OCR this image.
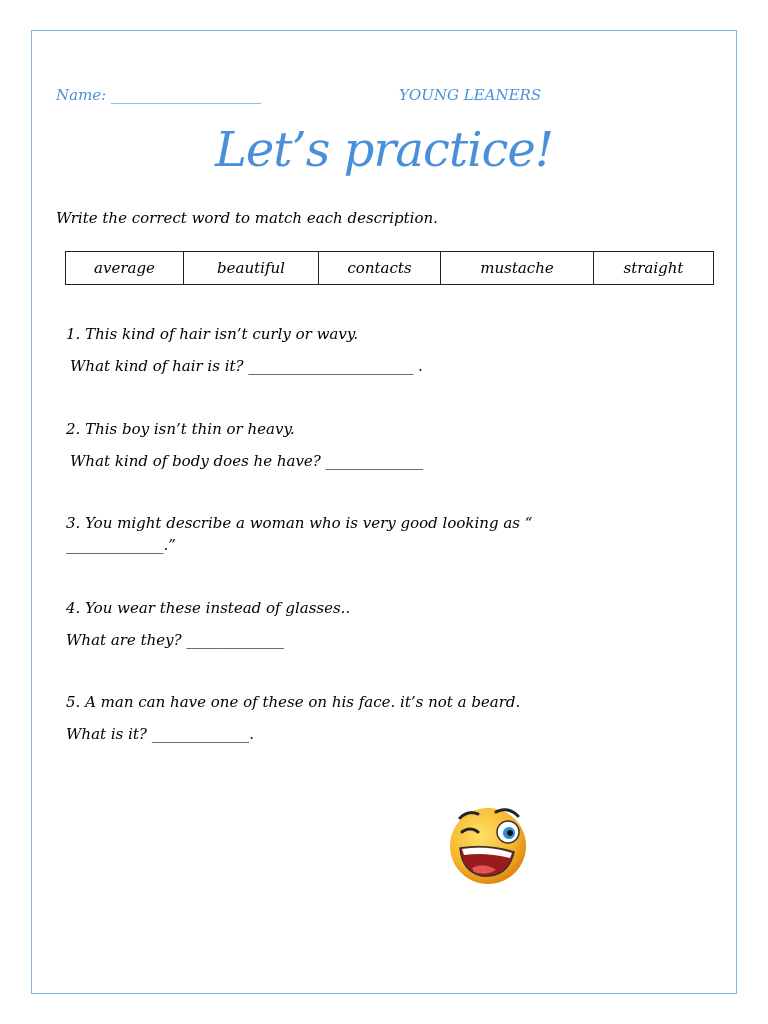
Name: ____________________	YOUNG LEANERS
Let’s practice!
Write the correct word to match each description.
average	beautiful	contacts	mustache	straight
1. This kind of hair isn’t curly or wavy.
What kind of hair is it? ______________________ .
2. This boy isn’t thin or heavy.
What kind of body does he have? _____________
3. You might describe a woman who is very good looking as “
_____________.”
4. You wear these instead of glasses..
What are they? _____________
5. A man can have one of these on his face. it’s not a beard.
What is it? _____________.
